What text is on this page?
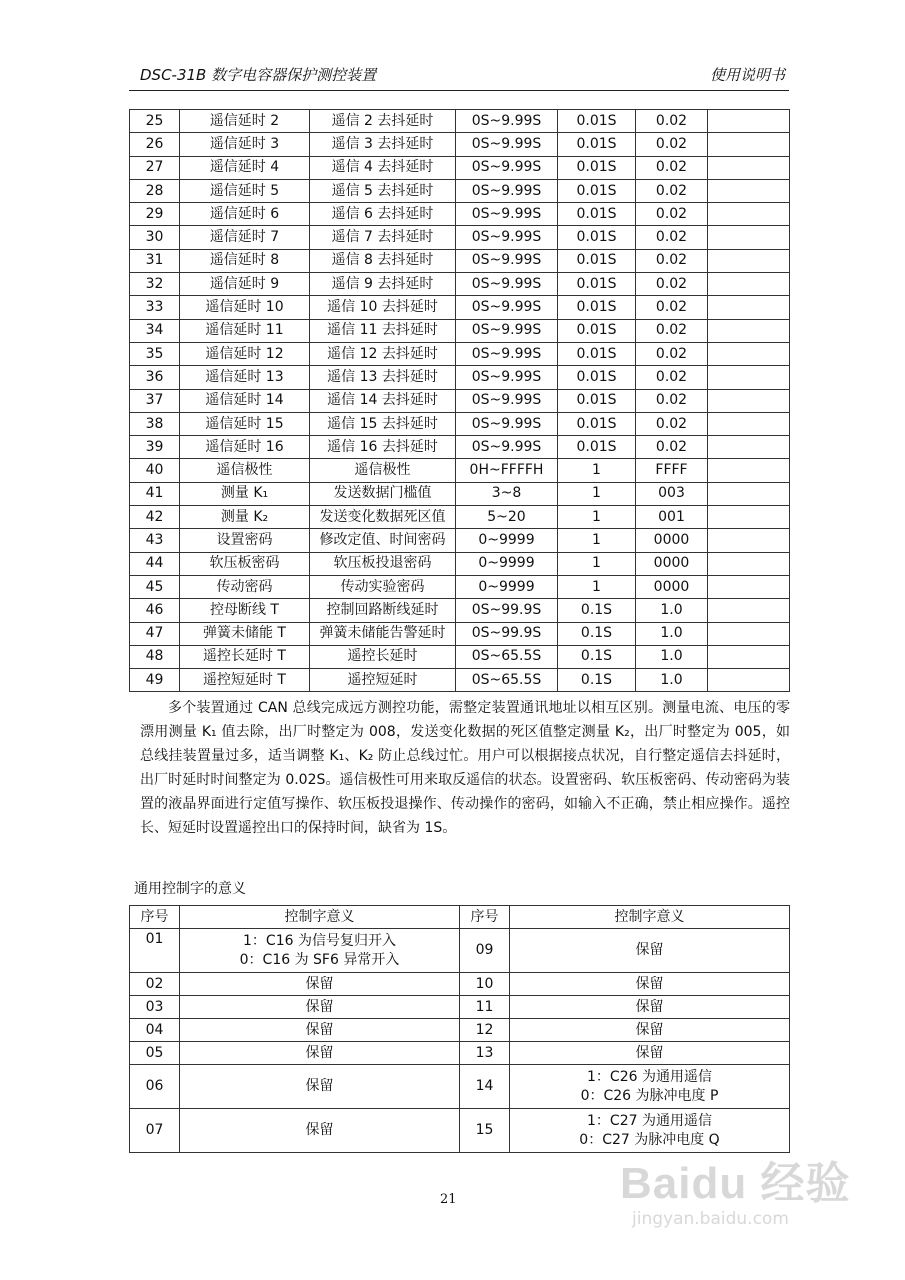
DSC-31B 数字电容器保护测控装置	使用说明书
25	遥信延时 2	遥信 2 去抖延时	0S~9.99S	0.01S	0.02	
26	遥信延时 3	遥信 3 去抖延时	0S~9.99S	0.01S	0.02	
27	遥信延时 4	遥信 4 去抖延时	0S~9.99S	0.01S	0.02	
28	遥信延时 5	遥信 5 去抖延时	0S~9.99S	0.01S	0.02	
29	遥信延时 6	遥信 6 去抖延时	0S~9.99S	0.01S	0.02	
30	遥信延时 7	遥信 7 去抖延时	0S~9.99S	0.01S	0.02	
31	遥信延时 8	遥信 8 去抖延时	0S~9.99S	0.01S	0.02	
32	遥信延时 9	遥信 9 去抖延时	0S~9.99S	0.01S	0.02	
33	遥信延时 10	遥信 10 去抖延时	0S~9.99S	0.01S	0.02	
34	遥信延时 11	遥信 11 去抖延时	0S~9.99S	0.01S	0.02	
35	遥信延时 12	遥信 12 去抖延时	0S~9.99S	0.01S	0.02	
36	遥信延时 13	遥信 13 去抖延时	0S~9.99S	0.01S	0.02	
37	遥信延时 14	遥信 14 去抖延时	0S~9.99S	0.01S	0.02	
38	遥信延时 15	遥信 15 去抖延时	0S~9.99S	0.01S	0.02	
39	遥信延时 16	遥信 16 去抖延时	0S~9.99S	0.01S	0.02	
40	遥信极性	遥信极性	0H~FFFFH	1	FFFF	
41	测量 K₁	发送数据门槛值	3~8	1	003	
42	测量 K₂	发送变化数据死区值	5~20	1	001	
43	设置密码	修改定值、时间密码	0~9999	1	0000	
44	软压板密码	软压板投退密码	0~9999	1	0000	
45	传动密码	传动实验密码	0~9999	1	0000	
46	控母断线 T	控制回路断线延时	0S~99.9S	0.1S	1.0	
47	弹簧未储能 T	弹簧未储能告警延时	0S~99.9S	0.1S	1.0	
48	遥控长延时 T	遥控长延时	0S~65.5S	0.1S	1.0	
49	遥控短延时 T	遥控短延时	0S~65.5S	0.1S	1.0	

多个装置通过 CAN 总线完成远方测控功能，需整定装置通讯地址以相互区别。测量电流、电压的零漂用测量 K₁ 值去除，出厂时整定为 008，发送变化数据的死区值整定测量 K₂，出厂时整定为 005，如总线挂装置量过多，适当调整 K₁、K₂ 防止总线过忙。用户可以根据接点状况，自行整定遥信去抖延时，出厂时延时时间整定为 0.02S。遥信极性可用来取反遥信的状态。设置密码、软压板密码、传动密码为装置的液晶界面进行定值写操作、软压板投退操作、传动操作的密码，如输入不正确，禁止相应操作。遥控长、短延时设置遥控出口的保持时间，缺省为 1S。

通用控制字的意义
序号	控制字意义	序号	控制字意义
01	1：C16 为信号复归开入
0：C16 为 SF6 异常开入	09	保留

02	保留	10	保留
03	保留	11	保留
04	保留	12	保留
05	保留	13	保留
06	保留	14	1：C26 为通用遥信
0：C26 为脉冲电度 P

07	保留	15	1：C27 为通用遥信
0：C27 为脉冲电度 Q
21	Baidu 经验
jingyan.baidu.com
